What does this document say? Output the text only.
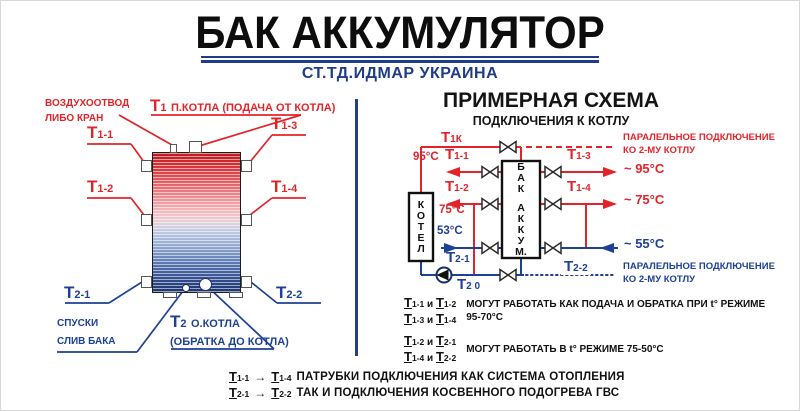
БАК АККУМУЛЯТОР
СТ.ТД.ИДМАР УКРАИНА
ВОЗДУХООТВОД
ЛИБО КРАН
Т1 П.КОТЛА (ПОДАЧА ОТ КОТЛА)
Т1-1
Т1-3
Т1-2	Т1-4
Т2-1	Т2-2
СПУСКИ
СЛИВ БАКА
Т2 О.КОТЛА
(ОБРАТКА ДО КОТЛА)
ПРИМЕРНАЯ СХЕМА
ПОДКЛЮЧЕНИЯ К КОТЛУ
К
О
Т
Е
Л
Б
А
К
А
К
К
У
М.
Т1К
95°С Т1-1
Т1-2
75°С
53°С
Т2-1
Т2 0
Т1-3
Т1-4
Т2-2
~ 95°С
~ 75°С
~ 55°С
ПАРАЛЕЛЬНОЕ ПОДКЛЮЧЕНИЕ
КО 2-МУ КОТЛУ
ПАРАЛЕЛЬНОЕ ПОДКЛЮЧЕНИЕ
КО 2-МУ КОТЛУ
Т1-1 и Т1-2
Т1-3 и Т1-4
МОГУТ РАБОТАТЬ КАК ПОДАЧА И ОБРАТКА ПРИ t° РЕЖИМЕ
95-70°С
Т1-2 и Т2-1
Т1-4 и Т2-2
МОГУТ РАБОТАТЬ В t° РЕЖИМЕ 75-50°С
Т1-1 → Т1-4 ПАТРУБКИ ПОДКЛЮЧЕНИЯ КАК СИСТЕМА ОТОПЛЕНИЯ
Т2-1 → Т2-2 ТАК И ПОДКЛЮЧЕНИЯ КОСВЕННОГО ПОДОГРЕВА ГВС
